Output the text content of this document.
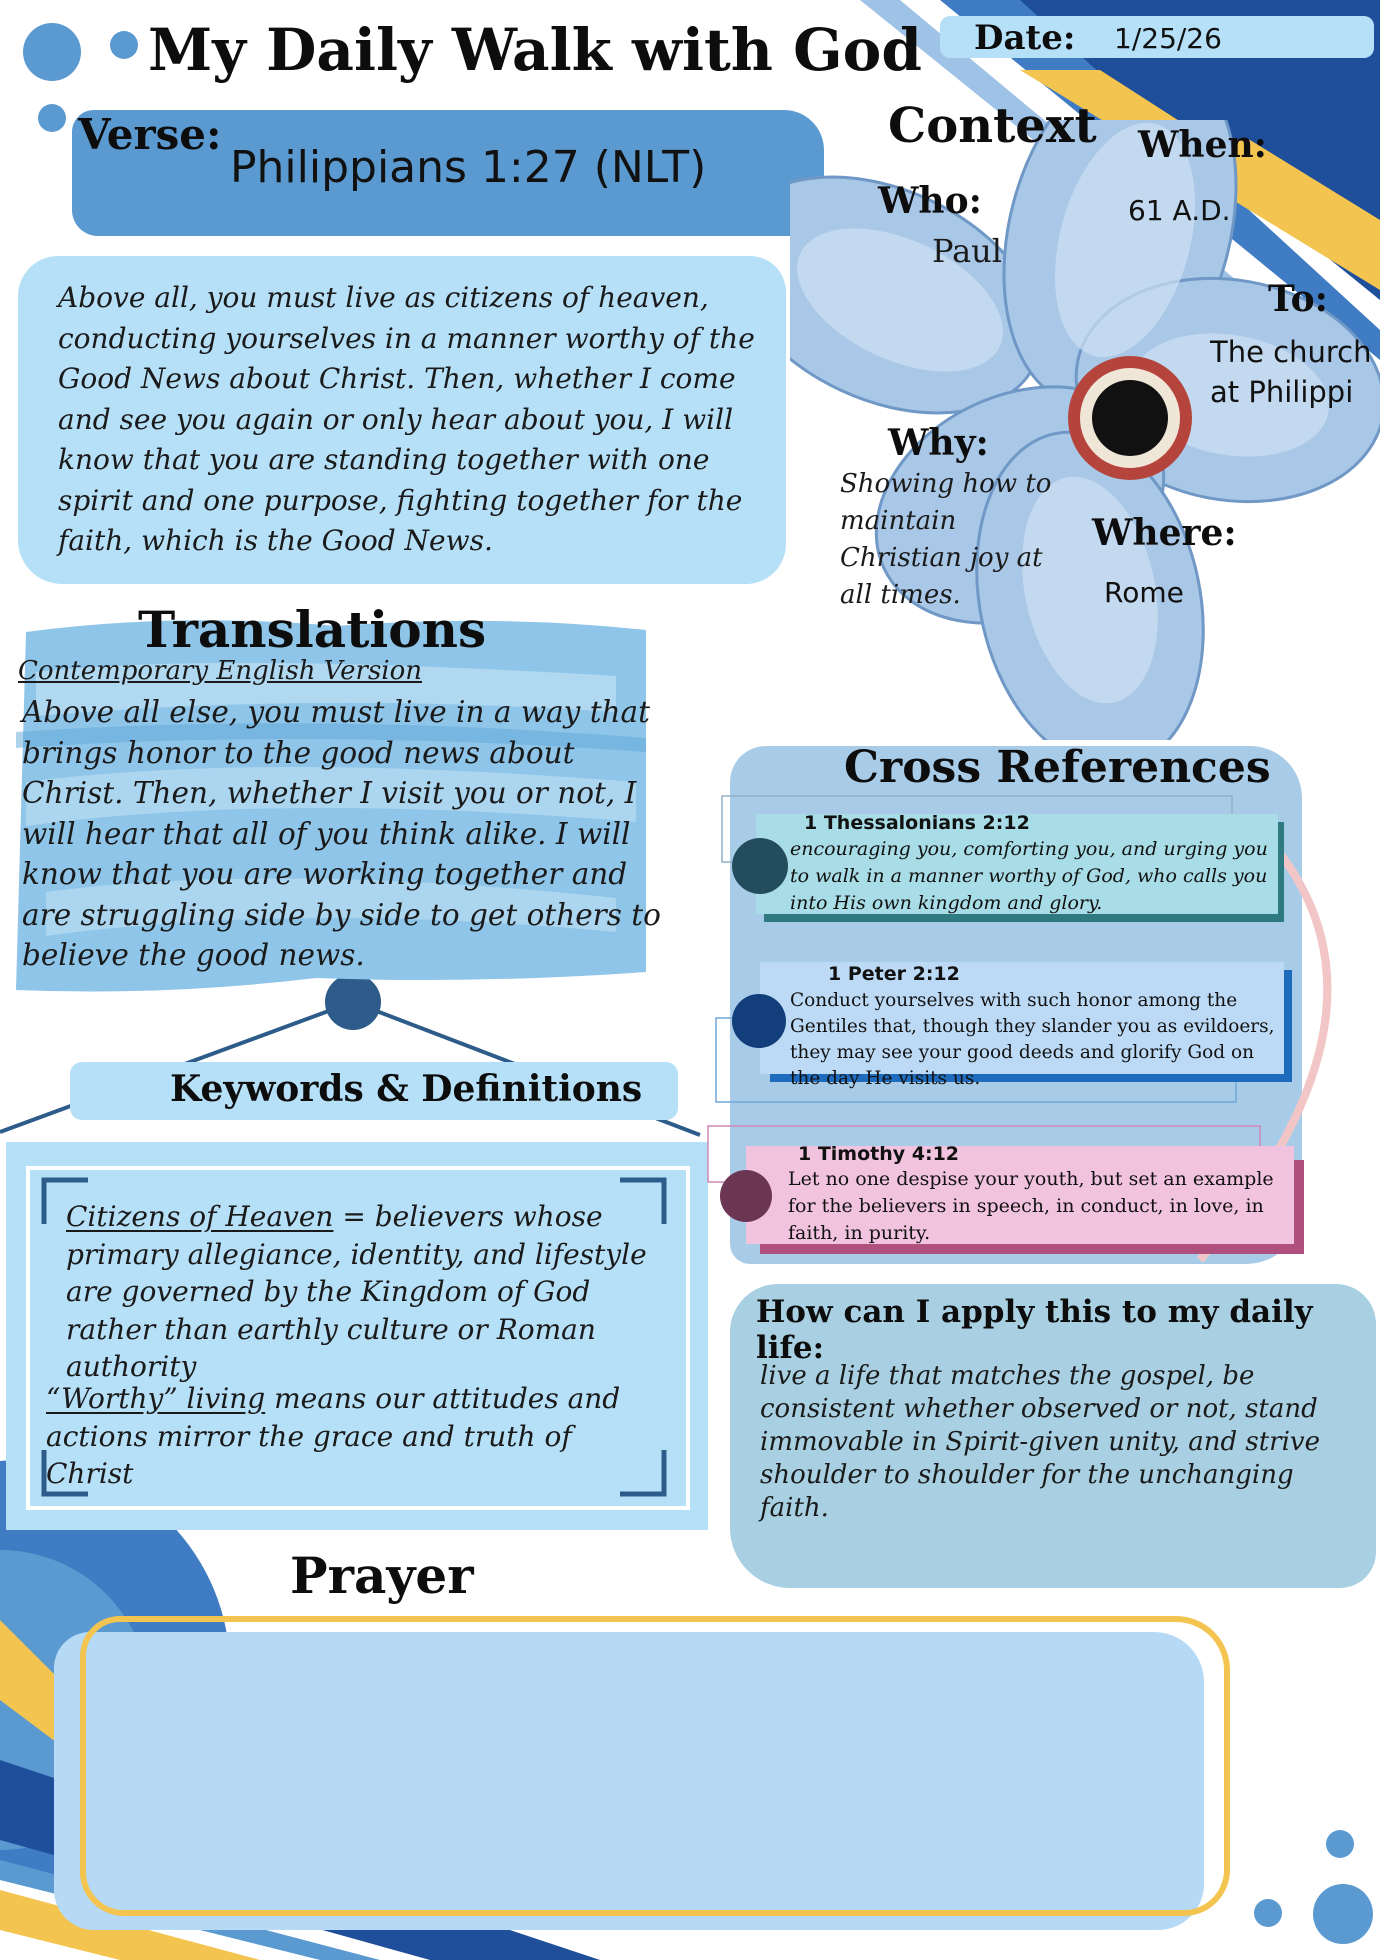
My Daily Walk with God Date: 1/25/26
Verse:
Philippians 1:27 (NLT)
Above all, you must live as citizens of heaven, conducting yourselves in a manner worthy of the Good News about Christ. Then, whether I come and see you again or only hear about you, I will know that you are standing together with one spirit and one purpose, fighting together for the faith, which is the Good News.
Context
Who:
Paul
When:
61 A.D.
To:
The church at Philippi
Why:
Showing how to maintain Christian joy at all times.
Where:
Rome
Translations
Contemporary English Version
Above all else, you must live in a way that brings honor to the good news about Christ. Then, whether I visit you or not, I will hear that all of you think alike. I will know that you are working together and are struggling side by side to get others to believe the good news.
Keywords & Definitions
Citizens of Heaven = believers whose primary allegiance, identity, and lifestyle are governed by the Kingdom of God rather than earthly culture or Roman authority
“Worthy” living means our attitudes and actions mirror the grace and truth of Christ
Cross References
1 Thessalonians 2:12
encouraging you, comforting you, and urging you to walk in a manner worthy of God, who calls you into His own kingdom and glory.
1 Peter 2:12
Conduct yourselves with such honor among the Gentiles that, though they slander you as evildoers, they may see your good deeds and glorify God on the day He visits us.
1 Timothy 4:12
Let no one despise your youth, but set an example for the believers in speech, in conduct, in love, in faith, in purity.
How can I apply this to my daily life:
live a life that matches the gospel, be consistent whether observed or not, stand immovable in Spirit-given unity, and strive shoulder to shoulder for the unchanging faith.
Prayer
